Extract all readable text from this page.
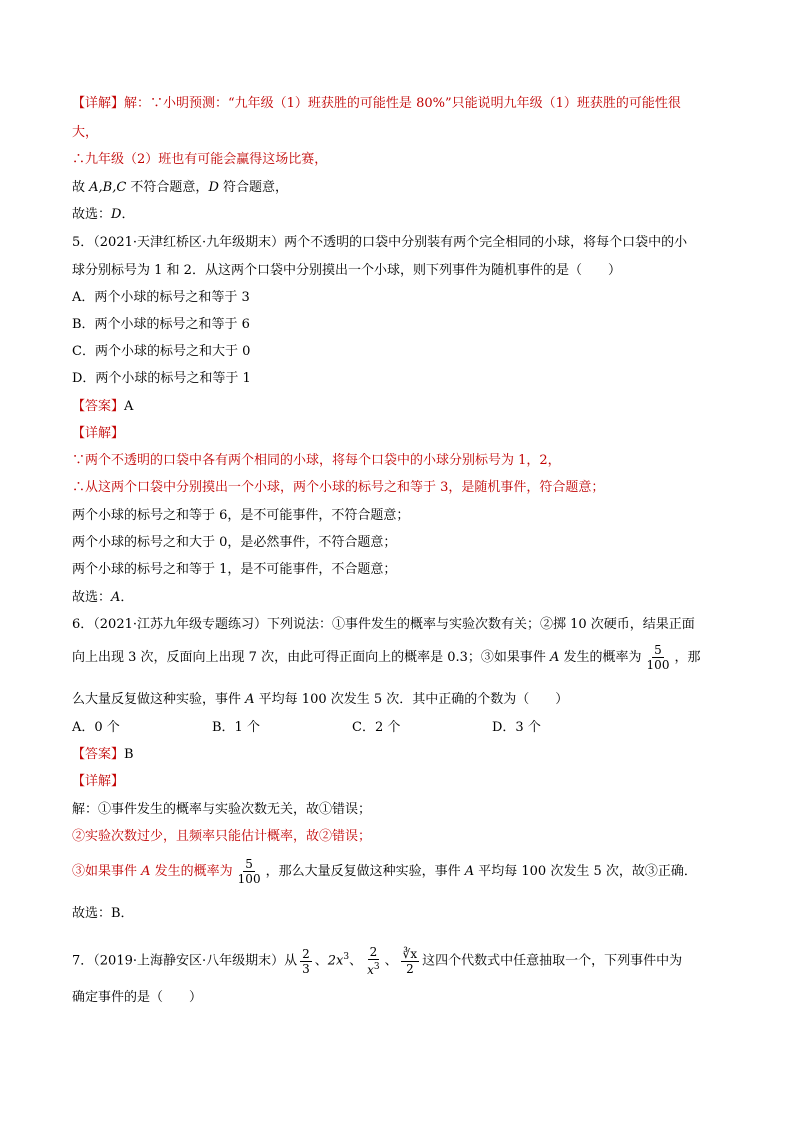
【详解】解：∵小明预测：“九年级（1）班获胜的可能性是 80%”只能说明九年级（1）班获胜的可能性很
大，
∴九年级（2）班也有可能会赢得这场比赛，
故 A,B,C 不符合题意，D 符合题意，
故选：D．
5．（2021·天津红桥区·九年级期末）两个不透明的口袋中分别装有两个完全相同的小球，将每个口袋中的小
球分别标号为 1 和 2．从这两个口袋中分别摸出一个小球，则下列事件为随机事件的是（　　）
A．两个小球的标号之和等于 3
B．两个小球的标号之和等于 6
C．两个小球的标号之和大于 0
D．两个小球的标号之和等于 1
【答案】A
【详解】
∵两个不透明的口袋中各有两个相同的小球，将每个口袋中的小球分别标号为 1，2，
∴从这两个口袋中分别摸出一个小球，两个小球的标号之和等于 3，是随机事件，符合题意；
两个小球的标号之和等于 6，是不可能事件，不符合题意；
两个小球的标号之和大于 0，是必然事件，不符合题意；
两个小球的标号之和等于 1，是不可能事件，不合题意；
故选：A．
6．（2021·江苏九年级专题练习）下列说法：①事件发生的概率与实验次数有关；②掷 10 次硬币，结果正面
向上出现 3 次，反面向上出现 7 次，由此可得正面向上的概率是 0.3；③如果事件 A 发生的概率为 $\frac{5}{100}$ ，那
么大量反复做这种实验，事件 A 平均每 100 次发生 5 次．其中正确的个数为（　　）
A．0 个	B．1 个	C．2 个	D．3 个
【答案】B
【详解】
解：①事件发生的概率与实验次数无关，故①错误；
②实验次数过少，且频率只能估计概率，故②错误；
③如果事件 A 发生的概率为 $\frac{5}{100}$ ，那么大量反复做这种实验，事件 A 平均每 100 次发生 5 次，故③正确．
故选：B．
7．（2019·上海静安区·八年级期末）从 $\frac{2}{3}$ 、$2x^3$、 $\frac{2}{x^3}$ 、 $\frac{∛x}{2}$ 这四个代数式中任意抽取一个，下列事件中为
确定事件的是（　　）
